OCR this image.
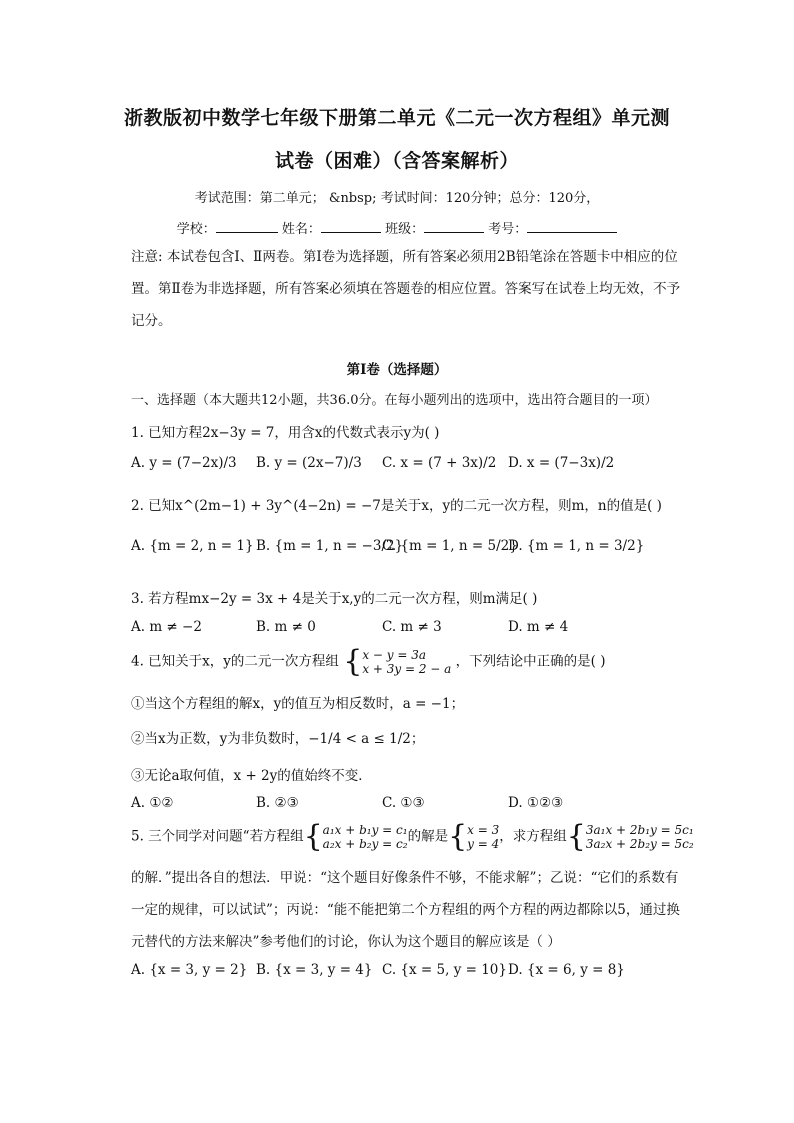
浙教版初中数学七年级下册第二单元《二元一次方程组》单元测
试卷（困难）（含答案解析）
考试范围：第二单元； &nbsp; 考试时间：120分钟；总分：120分，
学校：	姓名：	班级：	考号：
注意: 本试卷包含Ⅰ、Ⅱ两卷。第Ⅰ卷为选择题，所有答案必须用2B铅笔涂在答题卡中相应的位置。第Ⅱ卷为非选择题，所有答案必须填在答题卷的相应位置。答案写在试卷上均无效，不予记分。
第Ⅰ卷（选择题）
一、选择题（本大题共12小题，共36.0分。在每小题列出的选项中，选出符合题目的一项）
1. 已知方程2x−3y = 7，用含x的代数式表示y为( )
A. y = (7−2x)/3 B. y = (2x−7)/3 C. x = (7 + 3x)/2 D. x = (7−3x)/2
2. 已知x^(2m−1) + 3y^(4−2n) = −7是关于x，y的二元一次方程，则m，n的值是( )
A. {m = 2, n = 1} B. {m = 1, n = −3/2}
C. {m = 1, n = 5/2}
D. {m = 1, n = 3/2}
3. 若方程mx−2y = 3x + 4是关于x,y的二元一次方程，则m满足( )
A. m ≠ −2	B. m ≠ 0	C. m ≠ 3	D. m ≠ 4
4. 已知关于x，y的二元一次方程组 { x − y = 3a
x + 3y = 2 − a ，下列结论中正确的是( )
①当这个方程组的解x，y的值互为相反数时，a = −1；
②当x为正数，y为非负数时，−1/4 < a ≤ 1/2；
③无论a取何值，x + 2y的值始终不变．
A. ①②	B. ②③	C. ①③	D. ①②③
5. 三个同学对问题“若方程组{ a₁x + b₁y = c₁
a₂x + b₂y = c₂ 的解是{ x = 3
y = 4 ，求方程组{ 3a₁x + 2b₁y = 5c₁
3a₂x + 2b₂y = 5c₂
的解．”提出各自的想法．甲说：“这个题目好像条件不够，不能求解”；乙说：“它们的系数有一定的规律，可以试试”；丙说：“能不能把第二个方程组的两个方程的两边都除以5，通过换元替代的方法来解决”参考他们的讨论，你认为这个题目的解应该是（ ）
A. {x = 3, y = 2} B. {x = 3, y = 4} C. {x = 5, y = 10} D. {x = 6, y = 8}
